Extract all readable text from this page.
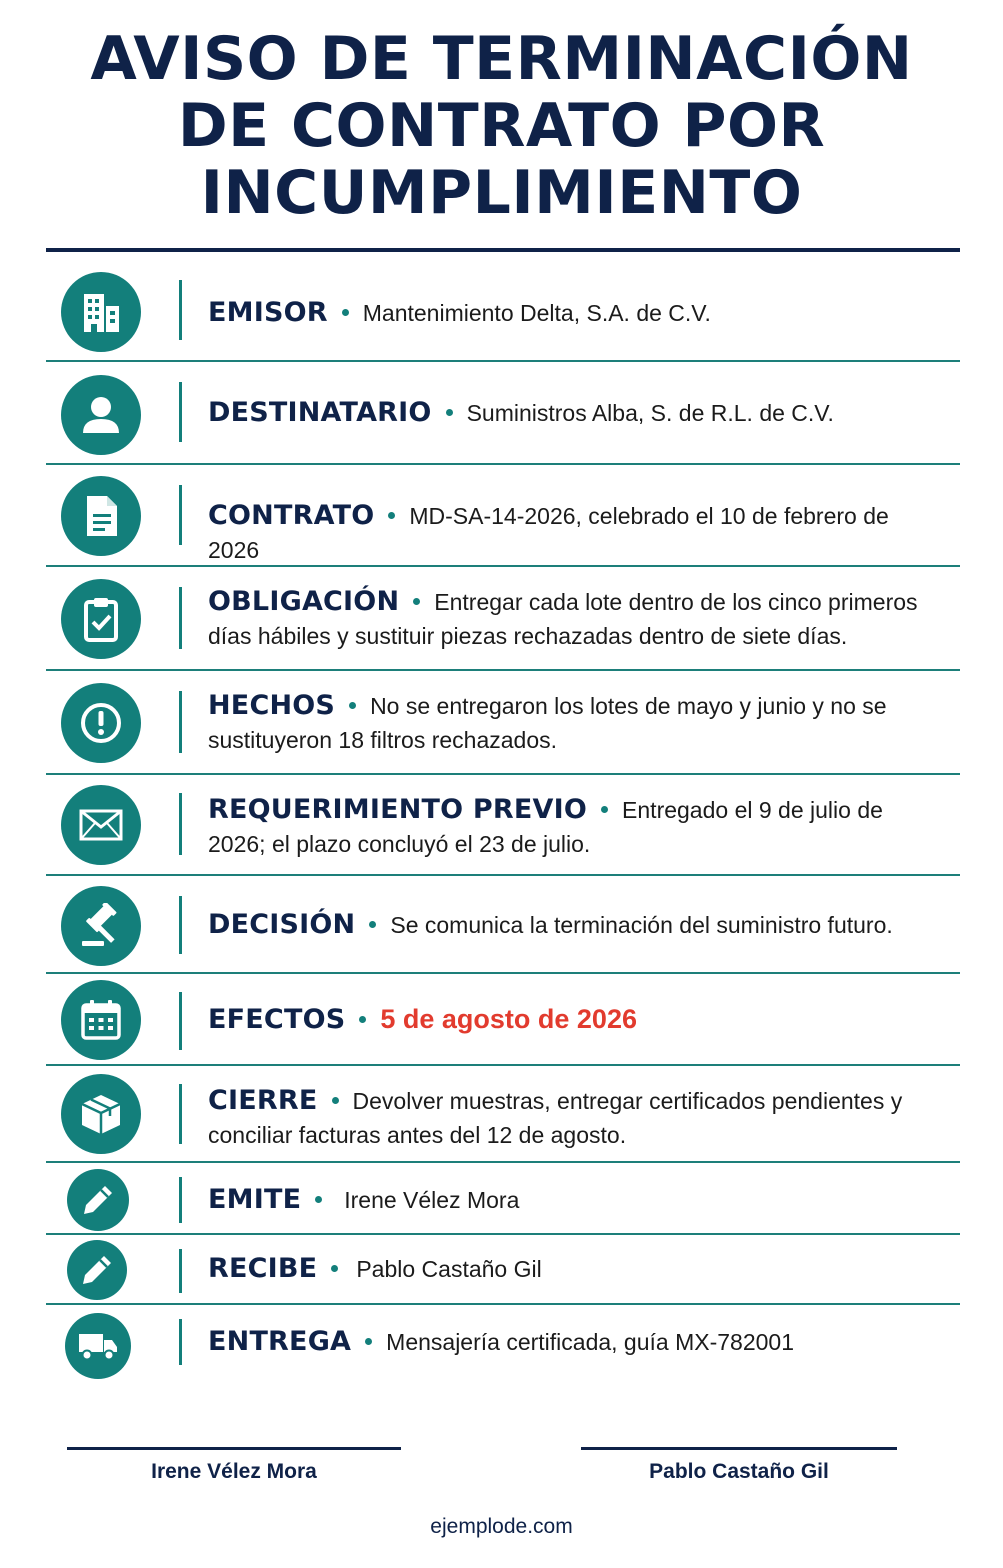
AVISO DE TERMINACIÓN
DE CONTRATO POR
INCUMPLIMIENTO
EMISOR Mantenimiento Delta, S.A. de C.V.
DESTINATARIO Suministros Alba, S. de R.L. de C.V.
CONTRATO MD-SA-14-2026, celebrado el 10 de febrero de 2026
OBLIGACIÓN Entregar cada lote dentro de los cinco primeros días hábiles y sustituir piezas rechazadas dentro de siete días.
HECHOS No se entregaron los lotes de mayo y junio y no se sustituyeron 18 filtros rechazados.
REQUERIMIENTO PREVIO Entregado el 9 de julio de 2026; el plazo concluyó el 23 de julio.
DECISIÓN Se comunica la terminación del suministro futuro.
EFECTOS 5 de agosto de 2026
CIERRE Devolver muestras, entregar certificados pendientes y conciliar facturas antes del 12 de agosto.
EMITE Irene Vélez Mora
RECIBE Pablo Castaño Gil
ENTREGA Mensajería certificada, guía MX-782001
Irene Vélez Mora	Pablo Castaño Gil
ejemplode.com
